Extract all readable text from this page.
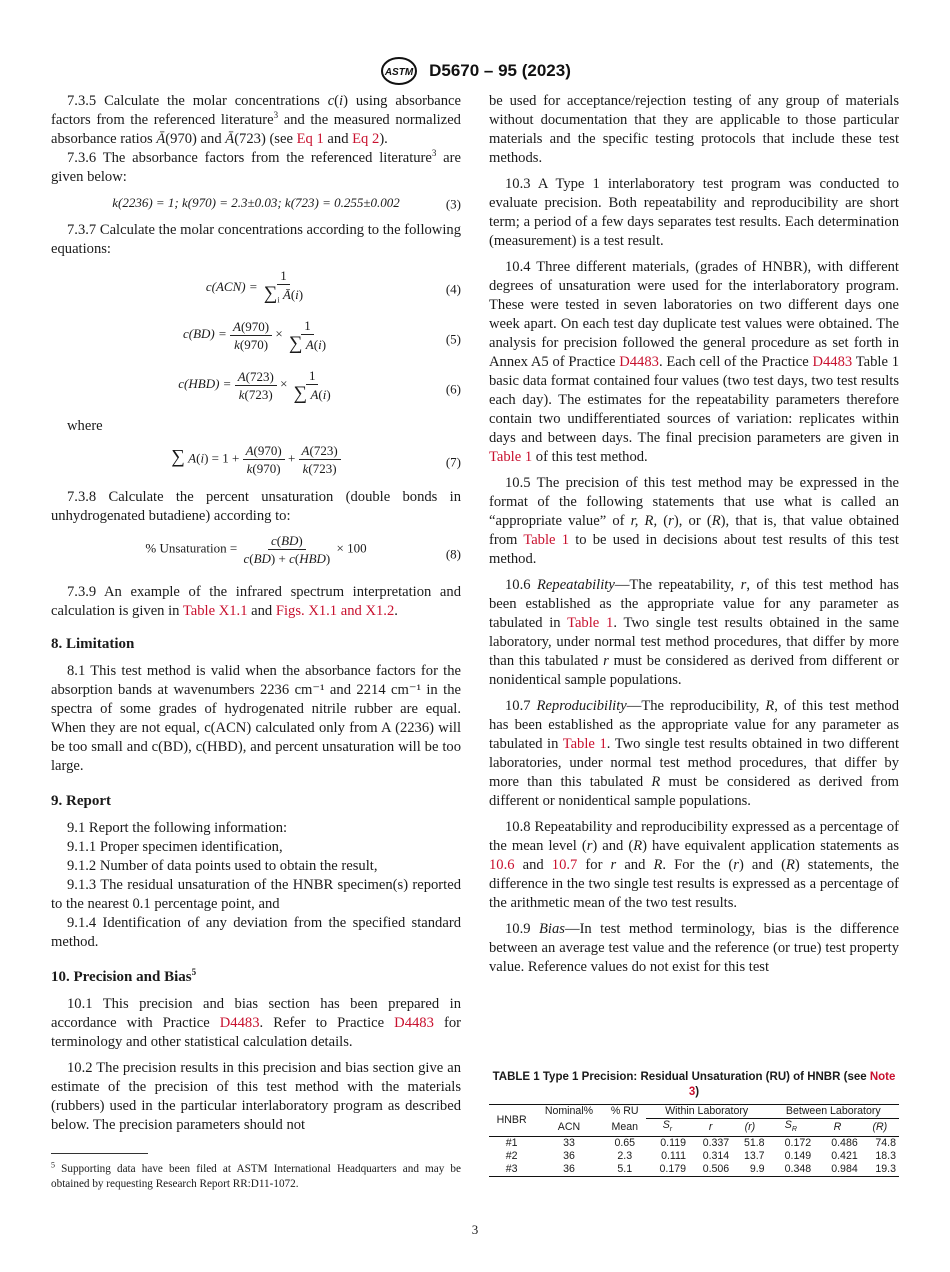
ASTM D5670 – 95 (2023)

7.3.5 Calculate the molar concentrations c(i) using absorbance factors from the referenced literature$^3$ and the measured normalized absorbance ratios Ā(970) and Ā(723) (see Eq 1 and Eq 2).

7.3.6 The absorbance factors from the referenced literature$^3$ are given below:

k(2236) = 1; k(970) = 2.3±0.03; k(723) = 0.255±0.002	(3)

7.3.7 Calculate the molar concentrations according to the following equations:

$c(ACN) = \frac{1}{\sum_i Ā(i)}$	(4)
$c(BD) = \frac{A(970)}{k(970)} \times \frac{1}{\sum A(i)}$	(5)
$c(HBD) = \frac{A(723)}{k(723)} \times \frac{1}{\sum A(i)}$	(6)

where

∑ $A(i) = 1 + \frac{A(970)}{k(970)} + \frac{A(723)}{k(723)}$	(7)

7.3.8 Calculate the percent unsaturation (double bonds in unhydrogenated butadiene) according to:

% Unsaturation = $\frac{c(BD)}{\text{c(BD) + c(HBD)}} \times 100$	(8)

7.3.9 An example of the infrared spectrum interpretation and calculation is given in Table X1.1 and Figs. X1.1 and X1.2.

8. Limitation

8.1 This test method is valid when the absorbance factors for the absorption bands at wavenumbers 2236 cm⁻¹ and 2214 cm⁻¹ in the spectra of some grades of hydrogenated nitrile rubber are equal. When they are not equal, c(ACN) calculated only from A (2236) will be too small and c(BD), c(HBD), and percent unsaturation will be too large.

9. Report

9.1 Report the following information:

9.1.1 Proper specimen identification,

9.1.2 Number of data points used to obtain the result,

9.1.3 The residual unsaturation of the HNBR specimen(s) reported to the nearest 0.1 percentage point, and

9.1.4 Identification of any deviation from the specified standard method.

10. Precision and Bias$^5$

10.1 This precision and bias section has been prepared in accordance with Practice D4483. Refer to Practice D4483 for terminology and other statistical calculation details.

10.2 The precision results in this precision and bias section give an estimate of the precision of this test method with the materials (rubbers) used in the particular interlaboratory program as described below. The precision parameters should not

$^5$ Supporting data have been filed at ASTM International Headquarters and may be obtained by requesting Research Report RR:D11-1072.

be used for acceptance/rejection testing of any group of materials without documentation that they are applicable to those particular materials and the specific testing protocols that include these test methods.

10.3 A Type 1 interlaboratory test program was conducted to evaluate precision. Both repeatability and reproducibility are short term; a period of a few days separates test results. Each determination (measurement) is a test result.

10.4 Three different materials, (grades of HNBR), with different degrees of unsaturation were used for the interlaboratory program. These were tested in seven laboratories on two different days one week apart. On each test day duplicate test values were obtained. The analysis for precision followed the general procedure as set forth in Annex A5 of Practice D4483. Each cell of the Practice D4483 Table 1 basic data format contained four values (two test days, two test results each day). The estimates for the repeatability parameters therefore contain two undifferentiated sources of variation: replicates within days and between days. The final precision parameters are given in Table 1 of this test method.

10.5 The precision of this test method may be expressed in the format of the following statements that use what is called an “appropriate value” of r, R, (r), or (R), that is, that value obtained from Table 1 to be used in decisions about test results of this test method.

10.6 Repeatability—The repeatability, r, of this test method has been established as the appropriate value for any parameter as tabulated in Table 1. Two single test results obtained in the same laboratory, under normal test method procedures, that differ by more than this tabulated r must be considered as derived from different or nonidentical sample populations.

10.7 Reproducibility—The reproducibility, R, of this test method has been established as the appropriate value for any parameter as tabulated in Table 1. Two single test results obtained in two different laboratories, under normal test method procedures, that differ by more than this tabulated R must be considered as derived from different or nonidentical sample populations.

10.8 Repeatability and reproducibility expressed as a percentage of the mean level (r) and (R) have equivalent application statements as 10.6 and 10.7 for r and R. For the (r) and (R) statements, the difference in the two single test results is expressed as a percentage of the arithmetic mean of the two test results.

10.9 Bias—In test method terminology, bias is the difference between an average test value and the reference (or true) test property value. Reference values do not exist for this test

TABLE 1 Type 1 Precision: Residual Unsaturation (RU) of HNBR (see Note 3)
HNBR	Nominal%	% RU	Within Laboratory			Between Laboratory		
	ACN	Mean	$S_r$	r	(r)	$S_R$	R	(R)
#1	33	0.65	0.119	0.337	51.8	0.172	0.486	74.8
#2	36	2.3	0.111	0.314	13.7	0.149	0.421	18.3
#3	36	5.1	0.179	0.506	9.9	0.348	0.984	19.3
3
